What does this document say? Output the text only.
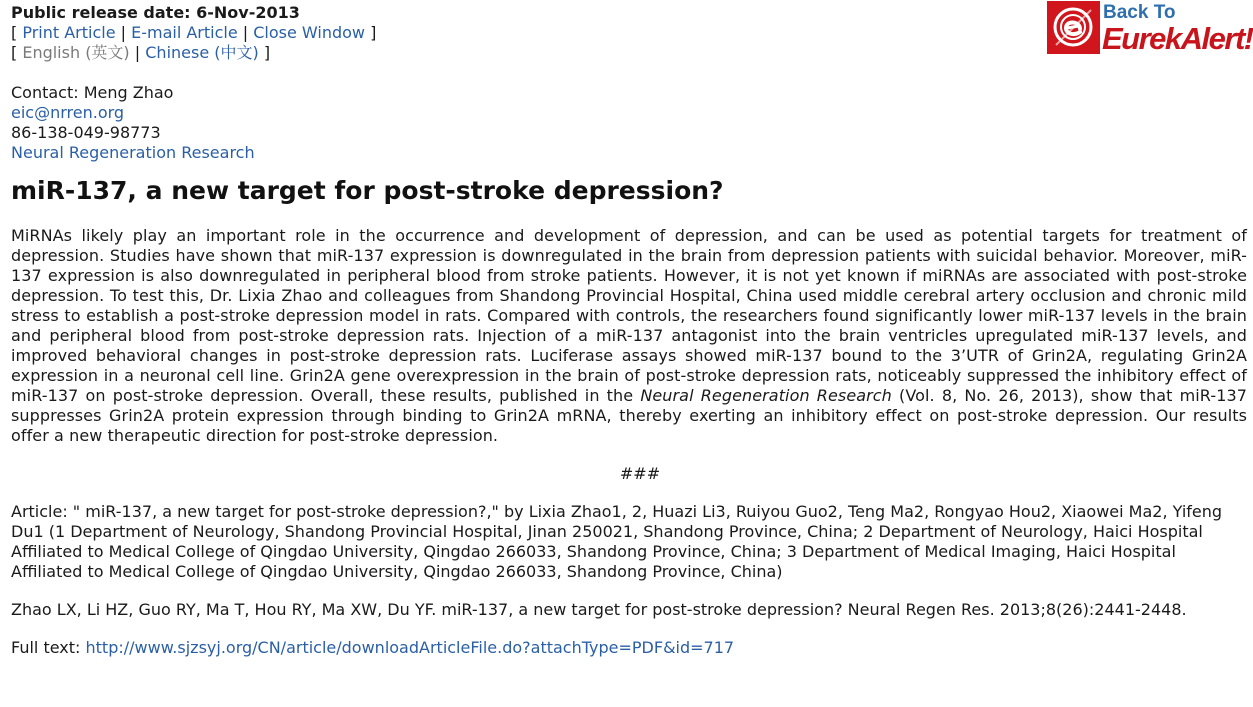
Public release date: 6-Nov-2013
[ Print Article | E-mail Article | Close Window ]
[ English (英文) | Chinese (中文) ]
Contact: Meng Zhao
eic@nrren.org
86-138-049-98773
Neural Regeneration Research
miR-137, a new target for post-stroke depression?
MiRNAs likely play an important role in the occurrence and development of depression, and can be used as potential targets for treatment of depression. Studies have shown that miR-137 expression is downregulated in the brain from depression patients with suicidal behavior. Moreover, miR-137 expression is also downregulated in peripheral blood from stroke patients. However, it is not yet known if miRNAs are associated with post-stroke depression. To test this, Dr. Lixia Zhao and colleagues from Shandong Provincial Hospital, China used middle cerebral artery occlusion and chronic mild stress to establish a post-stroke depression model in rats. Compared with controls, the researchers found significantly lower miR-137 levels in the brain and peripheral blood from post-stroke depression rats. Injection of a miR-137 antagonist into the brain ventricles upregulated miR-137 levels, and improved behavioral changes in post-stroke depression rats. Luciferase assays showed miR-137 bound to the 3’UTR of Grin2A, regulating Grin2A expression in a neuronal cell line. Grin2A gene overexpression in the brain of post-stroke depression rats, noticeably suppressed the inhibitory effect of miR-137 on post-stroke depression. Overall, these results, published in the Neural Regeneration Research (Vol. 8, No. 26, 2013), show that miR-137 suppresses Grin2A protein expression through binding to Grin2A mRNA, thereby exerting an inhibitory effect on post-stroke depression. Our results offer a new therapeutic direction for post-stroke depression.
###
Article: " miR-137, a new target for post-stroke depression?," by Lixia Zhao1, 2, Huazi Li3, Ruiyou Guo2, Teng Ma2, Rongyao Hou2, Xiaowei Ma2, Yifeng Du1 (1 Department of Neurology, Shandong Provincial Hospital, Jinan 250021, Shandong Province, China; 2 Department of Neurology, Haici Hospital Affiliated to Medical College of Qingdao University, Qingdao 266033, Shandong Province, China; 3 Department of Medical Imaging, Haici Hospital Affiliated to Medical College of Qingdao University, Qingdao 266033, Shandong Province, China)
Zhao LX, Li HZ, Guo RY, Ma T, Hou RY, Ma XW, Du YF. miR-137, a new target for post-stroke depression? Neural Regen Res. 2013;8(26):2441-2448.
Full text: http://www.sjzsyj.org/CN/article/downloadArticleFile.do?attachType=PDF&id=717
Back To
EurekAlert!
